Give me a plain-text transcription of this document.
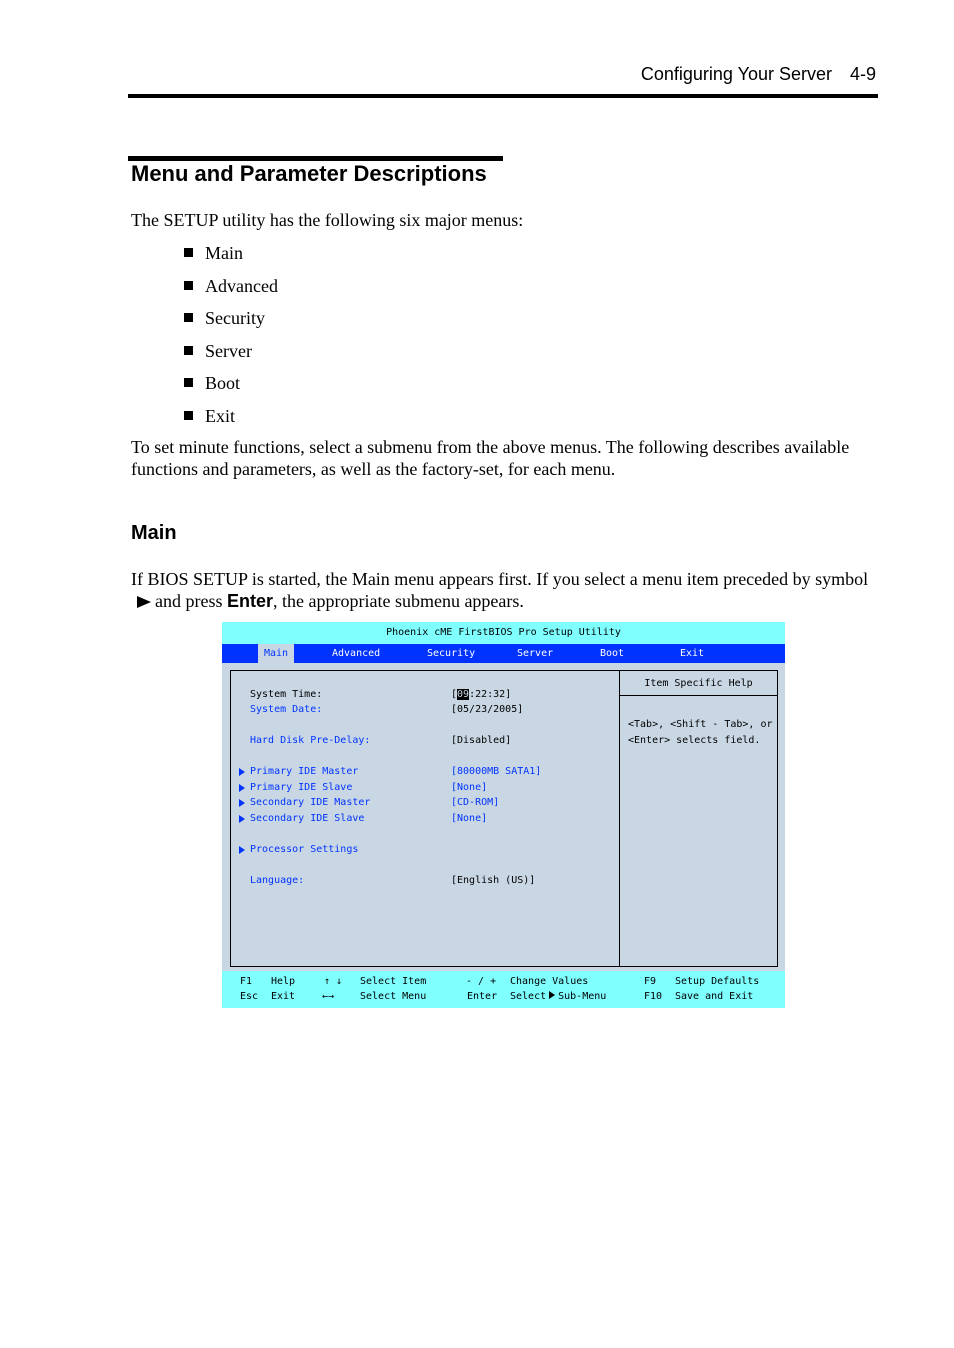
Configuring Your Server 4-9
Menu and Parameter Descriptions
The SETUP utility has the following six major menus:
Main
Advanced
Security
Server
Boot
Exit
To set minute functions, select a submenu from the above menus. The following describes available functions and parameters, as well as the factory-set, for each menu.
Main
If BIOS SETUP is started, the Main menu appears first. If you select a menu item preceded by symboland press Enter, the appropriate submenu appears.
Phoenix cME FirstBIOS Pro Setup Utility
Main	Advanced	Security	Server	Boot	Exit
Item Specific Help
<Tab>, <Shift - Tab>, or
<Enter> selects field.
System Time:	[09:22:32]
System Date:	[05/23/2005]
Hard Disk Pre-Delay:	[Disabled]
Primary IDE Master	[80000MB SATA1]
Primary IDE Slave	[None]
Secondary IDE Master	[CD-ROM]
Secondary IDE Slave	[None]
Processor Settings
Language:	[English (US)]
F1 Help	↑ ↓ Select Item	- / + Change Values	F9 Setup Defaults
Esc Exit	←→	Select Menu	Enter Select Sub-Menu	F10 Save and Exit
